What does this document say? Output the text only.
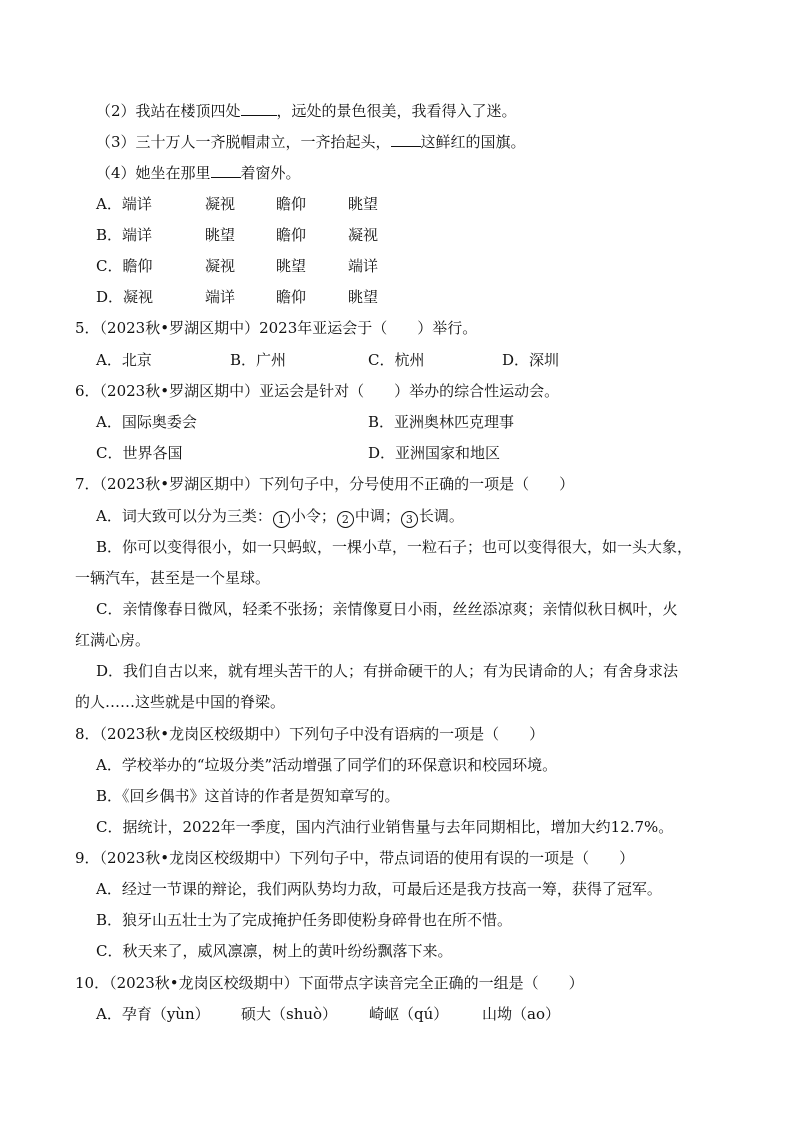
（2）我站在楼顶四处 ，远处的景色很美，我看得入了迷。
（3）三十万人一齐脱帽肃立，一齐抬起头， 这鲜红的国旗。
（4）她坐在那里 着窗外。
A．端详	凝视	瞻仰	眺望
B．端详	眺望	瞻仰	凝视
C．瞻仰	凝视	眺望	端详
D．凝视	端详	瞻仰	眺望
5．（2023秋•罗湖区期中）2023年亚运会于（　　）举行。
A．北京	B．广州	C．杭州	D．深圳
6．（2023秋•罗湖区期中）亚运会是针对（　　）举办的综合性运动会。
A．国际奥委会	B．亚洲奥林匹克理事
C．世界各国	D．亚洲国家和地区
7．（2023秋•罗湖区期中）下列句子中，分号使用不正确的一项是（　　）
A．词大致可以分为三类： 1 小令； 2 中调； 3 长调。
B．你可以变得很小，如一只蚂蚁，一棵小草，一粒石子；也可以变得很大，如一头大象，
一辆汽车，甚至是一个星球。
C．亲情像春日微风，轻柔不张扬；亲情像夏日小雨，丝丝添凉爽；亲情似秋日枫叶，火
红满心房。
D．我们自古以来，就有埋头苦干的人；有拼命硬干的人；有为民请命的人；有舍身求法
的人……这些就是中国的脊梁。
8．（2023秋•龙岗区校级期中）下列句子中没有语病的一项是（　　）
A．学校举办的“垃圾分类”活动增强了同学们的环保意识和校园环境。
B．《回乡偶书》这首诗的作者是贺知章写的。
C．据统计，2022年一季度，国内汽油行业销售量与去年同期相比，增加大约12.7%。
9．（2023秋•龙岗区校级期中）下列句子中，带点词语的使用有误的一项是（　　）
A．经过一节课的辩论，我们两队势均力敌，可最后还是我方技高一筹，获得了冠军。
B．狼牙山五壮士为了完成掩护任务即使粉身碎骨也在所不惜。
C．秋天来了，威风凛凛，树上的黄叶纷纷飘落下来。
10．（2023秋•龙岗区校级期中）下面带点字读音完全正确的一组是（　　）
A．孕育（yùn） 硕大（shuò） 崎岖（qú） 山坳（ao）
